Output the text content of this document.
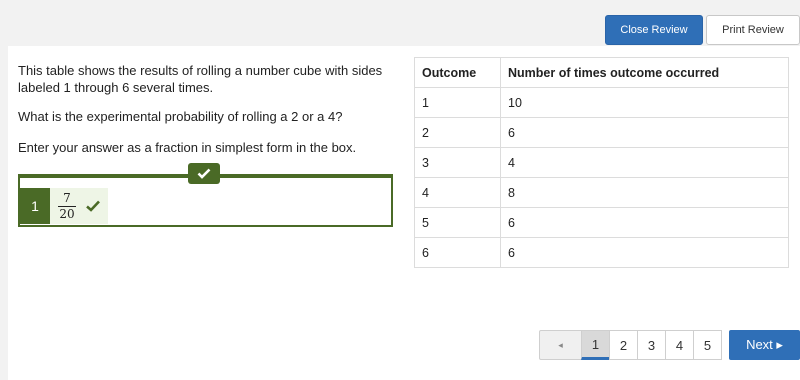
Close Review	Print Review

This table shows the results of rolling a number cube with sides labeled 1 through 6 several times.

What is the experimental probability of rolling a 2 or a 4?

Enter your answer as a fraction in simplest form in the box.

1	$\frac{7}{20}$
Outcome	Number of times outcome occurred
1	10
2	6
3	4
4	8
5	6
6	6
◂	1	2	3	4	5	Next ▸
